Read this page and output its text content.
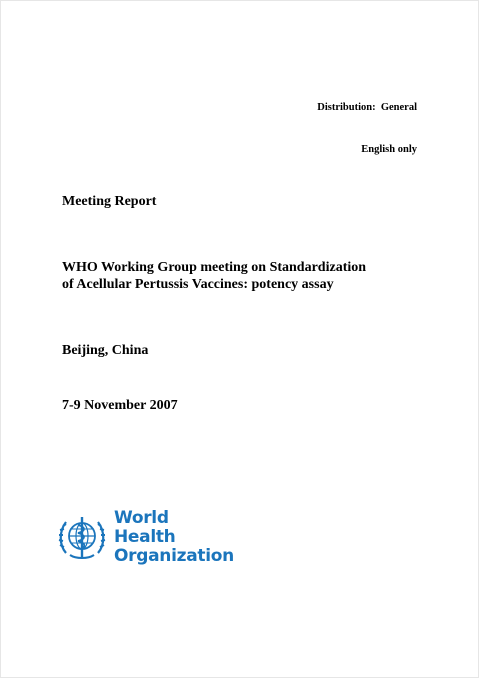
Distribution:  General

English only

Meeting Report
WHO Working Group meeting on Standardization
of Acellular Pertussis Vaccines: potency assay
Beijing, China
7-9 November 2007
World Health
Organization
